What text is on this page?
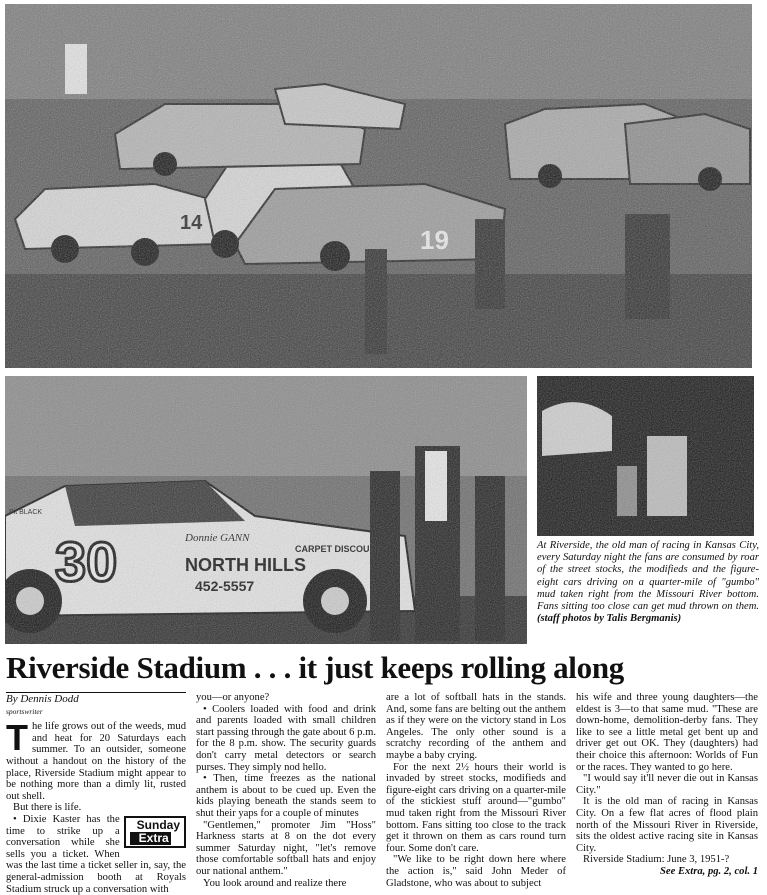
At Riverside, the old man of racing in Kansas City, every Saturday night the fans are consumed by roar of the street stocks, the modifieds and the figure-eight cars driving on a quarter-mile of "gumbo" mud taken right from the Missouri River bottom. Fans sitting too close can get mud thrown on them. (staff photos by Talis Bergmanis)
Riverside Stadium . . . it just keeps rolling along
By Dennis Dodd
sportswriter

T he life grows out of the weeds, mud and heat for 20 Saturdays each summer. To an outsider, someone without a handout on the history of the place, Riverside Stadium might appear to be nothing more than a dimly lit, rusted out shell.

But there is life.

Sunday
Extra
• Dixie Kaster has the time to strike up a conversation while she sells you a ticket. When was the last time a ticket seller in, say, the general-admission booth at Royals Stadium struck up a conversation with

you—or anyone?

• Coolers loaded with food and drink and parents loaded with small children start passing through the gate about 6 p.m. for the 8 p.m. show. The security guards don't carry metal detectors or search purses. They simply nod hello.

• Then, time freezes as the national anthem is about to be cued up. Even the kids playing beneath the stands seem to shut their yaps for a couple of minutes

"Gentlemen," promoter Jim "Hoss" Harkness starts at 8 on the dot every summer Saturday night, "let's remove those comfortable softball hats and enjoy our national anthem."

You look around and realize there

are a lot of softball hats in the stands. And, some fans are belting out the anthem as if they were on the victory stand in Los Angeles. The only other sound is a scratchy recording of the anthem and maybe a baby crying.

For the next 2½ hours their world is invaded by street stocks, modifieds and figure-eight cars driving on a quarter-mile of the stickiest stuff around—"gumbo" mud taken right from the Missouri River bottom. Fans sitting too close to the track get it thrown on them as cars round turn four. Some don't care.

"We like to be right down here where the action is," said John Meder of Gladstone, who was about to subject

his wife and three young daughters—the eldest is 3—to that same mud. "These are down-home, demolition-derby fans. They like to see a little metal get bent up and driver get out OK. They (daughters) had their choice this afternoon: Worlds of Fun or the races. They wanted to go here.

"I would say it'll never die out in Kansas City."

It is the old man of racing in Kansas City. On a few flat acres of flood plain north of the Missouri River in Riverside, sits the oldest active racing site in Kansas City.

Riverside Stadium: June 3, 1951-?

See Extra, pg. 2, col. 1
